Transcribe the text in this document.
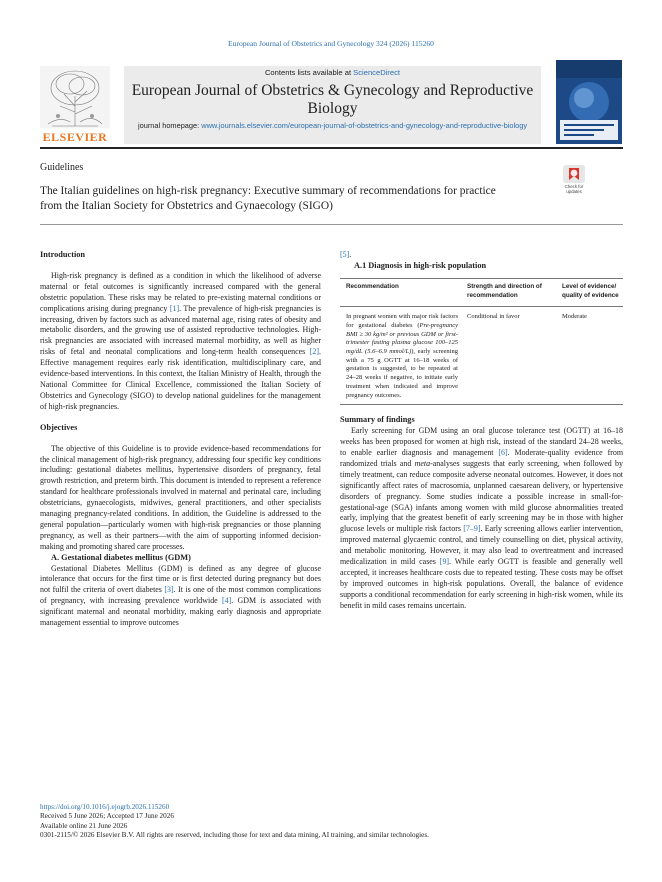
European Journal of Obstetrics and Gynecology 324 (2026) 115260
ELSEVIER
Contents lists available at ScienceDirect
European Journal of Obstetrics & Gynecology and Reproductive Biology
journal homepage: www.journals.elsevier.com/european-journal-of-obstetrics-and-gynecology-and-reproductive-biology
Guidelines
The Italian guidelines on high-risk pregnancy: Executive summary of recommendations for practice from the Italian Society for Obstetrics and Gynaecology (SIGO)
Check for
updates
Introduction

High-risk pregnancy is defined as a condition in which the likelihood of adverse maternal or fetal outcomes is significantly increased compared with the general obstetric population. These risks may be related to pre-existing maternal conditions or complications arising during pregnancy [1]. The prevalence of high-risk pregnancies is increasing, driven by factors such as advanced maternal age, rising rates of obesity and metabolic disorders, and the growing use of assisted reproductive technologies. High-risk pregnancies are associated with increased maternal morbidity, as well as higher risks of fetal and neonatal complications and long-term health consequences [2]. Effective management requires early risk identification, multidisciplinary care, and evidence-based interventions. In this context, the Italian Ministry of Health, through the National Committee for Clinical Excellence, commissioned the Italian Society of Obstetrics and Gynecology (SIGO) to develop national guidelines for the management of high-risk pregnancies.

Objectives

The objective of this Guideline is to provide evidence-based recommendations for the clinical management of high-risk pregnancy, addressing four specific key conditions including: gestational diabetes mellitus, hypertensive disorders of pregnancy, fetal growth restriction, and preterm birth. This document is intended to represent a reference standard for healthcare professionals involved in maternal and perinatal care, including obstetricians, gynaecologists, midwives, general practitioners, and other specialists managing pregnancy-related conditions. In addition, the Guideline is addressed to the general population—particularly women with high-risk pregnancies or those planning pregnancy, as well as their partners—with the aim of supporting informed decision-making and promoting shared care processes.

A. Gestational diabetes mellitus (GDM)

Gestational Diabetes Mellitus (GDM) is defined as any degree of glucose intolerance that occurs for the first time or is first detected during pregnancy but does not fulfil the criteria of overt diabetes [3]. It is one of the most common complications of pregnancy, with increasing prevalence worldwide [4]. GDM is associated with significant maternal and neonatal morbidity, making early diagnosis and appropriate management essential to improve outcomes

[5].

A.1 Diagnosis in high-risk population
Recommendation	Strength and direction of recommendation	Level of evidence/ quality of evidence
In pregnant women with major risk factors for gestational diabetes (Pre-pregnancy BMI ≥ 30 kg/m² or previous GDM or first-trimester fasting plasma glucose 100–125 mg/dL (5.6–6.9 mmol/L)), early screening with a 75 g OGTT at 16–18 weeks of gestation is suggested, to be repeated at 24–28 weeks if negative, to initiate early treatment when indicated and improve pregnancy outcomes.	Conditional in favor	Moderate
Summary of findings

Early screening for GDM using an oral glucose tolerance test (OGTT) at 16–18 weeks has been proposed for women at high risk, instead of the standard 24–28 weeks, to enable earlier diagnosis and management [6]. Moderate-quality evidence from randomized trials and meta-analyses suggests that early screening, when followed by timely treatment, can reduce composite adverse neonatal outcomes. However, it does not significantly affect rates of macrosomia, unplanned caesarean delivery, or hypertensive disorders of pregnancy. Some studies indicate a possible increase in small-for-gestational-age (SGA) infants among women with mild glucose abnormalities treated early, implying that the greatest benefit of early screening may be in those with higher glucose levels or multiple risk factors [7–9]. Early screening allows earlier intervention, improved maternal glycaemic control, and timely counselling on diet, physical activity, and metabolic monitoring. However, it may also lead to overtreatment and increased medicalization in mild cases [9]. While early OGTT is feasible and generally well accepted, it increases healthcare costs due to repeated testing. These costs may be offset by improved outcomes in high-risk populations. Overall, the balance of evidence supports a conditional recommendation for early screening in high-risk women, while its benefit in mild cases remains uncertain.

https://doi.org/10.1016/j.ejogrb.2026.115260
Received 5 June 2026; Accepted 17 June 2026
Available online 21 June 2026
0301-2115/© 2026 Elsevier B.V. All rights are reserved, including those for text and data mining, AI training, and similar technologies.
